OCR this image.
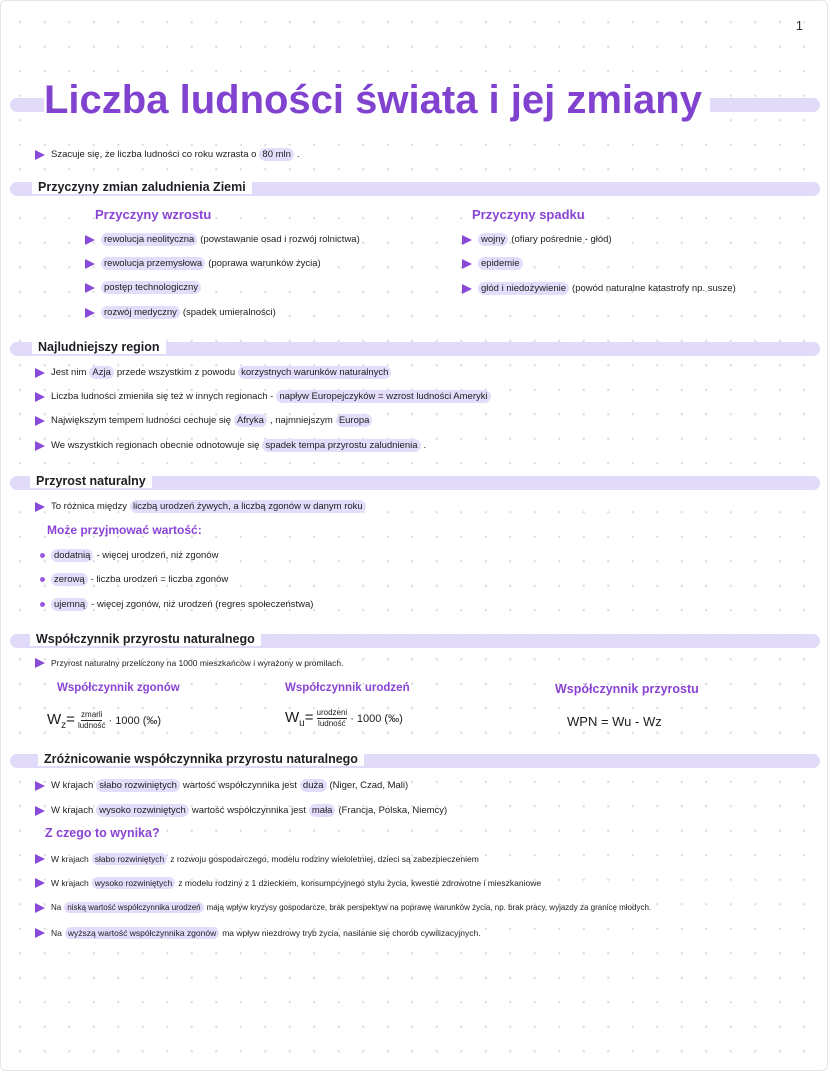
1
Liczba ludności świata i jej zmiany
Szacuje się, że liczba ludności co roku wzrasta o 80 mln .
Przyczyny zmian zaludnienia Ziemi
Przyczyny wzrostu
rewolucja neolityczna (powstawanie osad i rozwój rolnictwa)
rewolucja przemysłowa (poprawa warunków życia)
postęp technologiczny
rozwój medyczny (spadek umieralności)
Przyczyny spadku
wojny (ofiary pośrednie - głód)
epidemie
głód i niedożywienie (powód naturalne katastrofy np. susze)
Najludniejszy region
Jest nim Azja przede wszystkim z powodu korzystnych warunków naturalnych
Liczba ludności zmieniła się też w innych regionach - napływ Europejczyków = wzrost ludności Ameryki
Największym tempem ludności cechuje się Afryka , najmniejszym Europa
We wszystkich regionach obecnie odnotowuje się spadek tempa przyrostu zaludnienia .
Przyrost naturalny
To różnica między liczbą urodzeń żywych, a liczbą zgonów w danym roku
Może przyjmować wartość:
dodatnią - więcej urodzeń, niż zgonów
zerową - liczba urodzeń = liczba zgonów
ujemną - więcej zgonów, niż urodzeń (regres społeczeństwa)
Współczynnik przyrostu naturalnego
Przyrost naturalny przeliczony na 1000 mieszkańców i wyrażony w promilach.
Współczynnik zgonów	Współczynnik urodzeń	Współczynnik przyrostu
$W_z= \frac{\text{zmarli}}{\text{ludność}} \cdot 1000$ (‰)	$W_u= \frac{\text{urodzeni}}{\text{ludność}} \cdot 1000$ (‰)	WPN = Wu - Wz
Zróżnicowanie współczynnika przyrostu naturalnego
W krajach słabo rozwiniętych wartość współczynnika jest duża (Niger, Czad, Mali)
W krajach wysoko rozwiniętych wartość współczynnika jest mała (Francja, Polska, Niemcy)
Z czego to wynika?
W krajach słabo rozwiniętych z rozwoju gospodarczego, modelu rodziny wieloletniej, dzieci są zabezpieczeniem
W krajach wysoko rozwiniętych z modelu rodziny z 1 dzieckiem, konsumpcyjnego stylu życia, kwestie zdrowotne i mieszkaniowe
Na niską wartość współczynnika urodzeń mają wpływ kryzysy gospodarcze, brak perspektyw na poprawę warunków życia, np. brak pracy, wyjazdy za granicę młodych.
Na wyższą wartość współczynnika zgonów ma wpływ niezdrowy tryb życia, nasilanie się chorób cywilizacyjnych.
